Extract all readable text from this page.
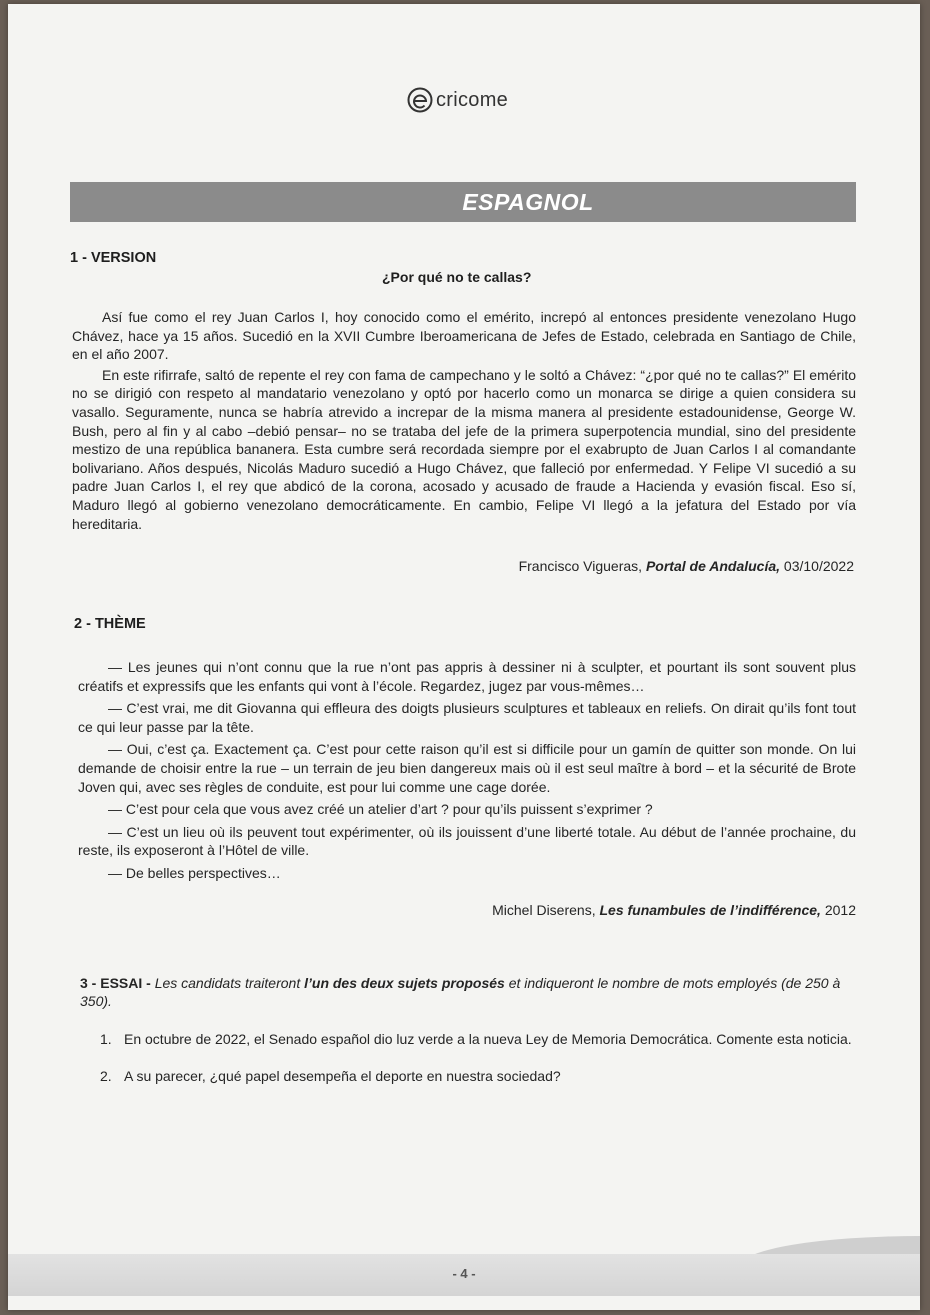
cricome
ESPAGNOL
1 - VERSION
¿Por qué no te callas?

Así fue como el rey Juan Carlos I, hoy conocido como el emérito, increpó al entonces presidente venezolano Hugo Chávez, hace ya 15 años. Sucedió en la XVII Cumbre Iberoamericana de Jefes de Estado, celebrada en Santiago de Chile, en el año 2007.

En este rifirrafe, saltó de repente el rey con fama de campechano y le soltó a Chávez: “¿por qué no te callas?” El emérito no se dirigió con respeto al mandatario venezolano y optó por hacerlo como un monarca se dirige a quien considera su vasallo. Seguramente, nunca se habría atrevido a increpar de la misma manera al presidente estadounidense, George W. Bush, pero al fin y al cabo –debió pensar– no se trataba del jefe de la primera superpotencia mundial, sino del presidente mestizo de una república bananera. Esta cumbre será recordada siempre por el exabrupto de Juan Carlos I al comandante bolivariano. Años después, Nicolás Maduro sucedió a Hugo Chávez, que falleció por enfermedad. Y Felipe VI sucedió a su padre Juan Carlos I, el rey que abdicó de la corona, acosado y acusado de fraude a Hacienda y evasión fiscal. Eso sí, Maduro llegó al gobierno venezolano democráticamente. En cambio, Felipe VI llegó a la jefatura del Estado por vía hereditaria.

Francisco Vigueras, Portal de Andalucía, 03/10/2022
2 - THÈME

— Les jeunes qui n’ont connu que la rue n’ont pas appris à dessiner ni à sculpter, et pourtant ils sont souvent plus créatifs et expressifs que les enfants qui vont à l’école. Regardez, jugez par vous-mêmes…

— C’est vrai, me dit Giovanna qui effleura des doigts plusieurs sculptures et tableaux en reliefs. On dirait qu’ils font tout ce qui leur passe par la tête.

— Oui, c’est ça. Exactement ça. C’est pour cette raison qu’il est si difficile pour un gamín de quitter son monde. On lui demande de choisir entre la rue – un terrain de jeu bien dangereux mais où il est seul maître à bord – et la sécurité de Brote Joven qui, avec ses règles de conduite, est pour lui comme une cage dorée.

— C’est pour cela que vous avez créé un atelier d’art ? pour qu’ils puissent s’exprimer ?

— C’est un lieu où ils peuvent tout expérimenter, où ils jouissent d’une liberté totale. Au début de l’année prochaine, du reste, ils exposeront à l’Hôtel de ville.

— De belles perspectives…

Michel Diserens, Les funambules de l’indifférence, 2012
3 - ESSAI - Les candidats traiteront l’un des deux sujets proposés et indiqueront le nombre de mots employés (de 250 à 350).
1. En octubre de 2022, el Senado español dio luz verde a la nueva Ley de Memoria Democrática. Comente esta noticia.
2. A su parecer, ¿qué papel desempeña el deporte en nuestra sociedad?
- 4 -
